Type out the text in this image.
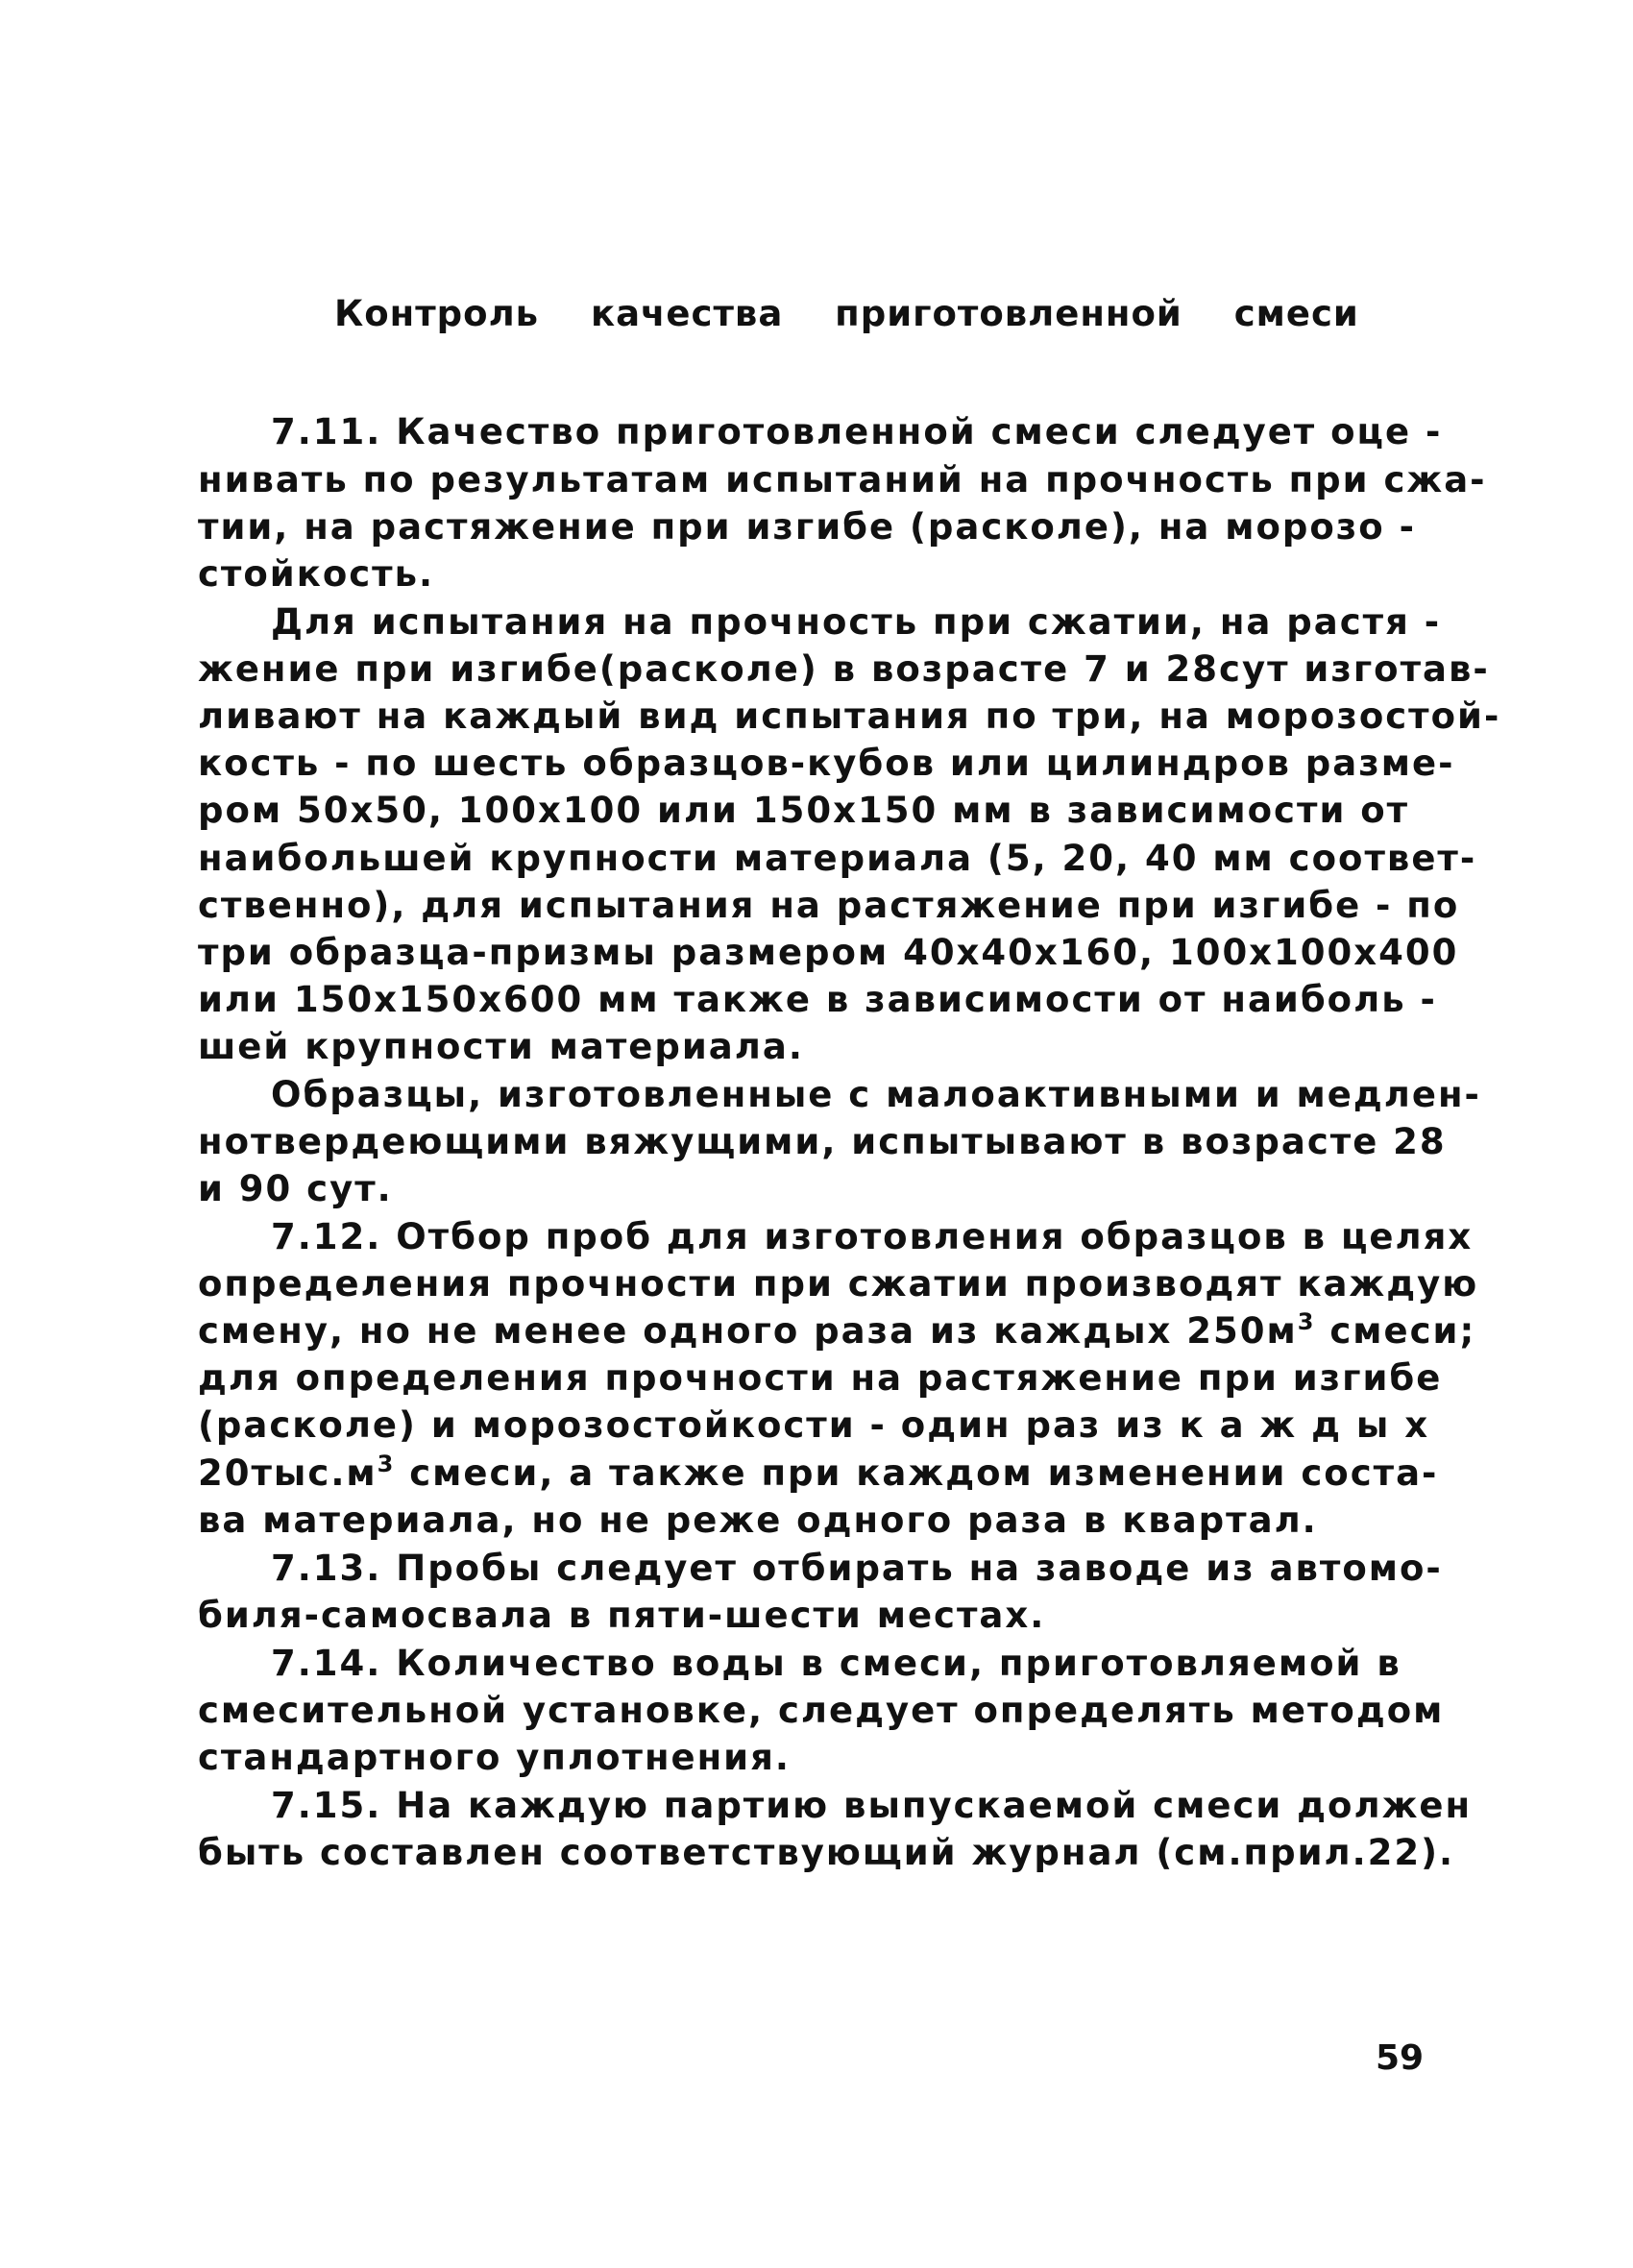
Контроль качества приготовленной смеси
7.11. Качество приготовленной смеси следует оце -
нивать по результатам испытаний на прочность при сжа-
тии, на растяжение при изгибе (расколе), на морозо -
стойкость.
Для испытания на прочность при сжатии, на растя -
жение при изгибе(расколе) в возрасте 7 и 28сут изготав-
ливают на каждый вид испытания по три, на морозостой-
кость - по шесть образцов-кубов или цилиндров разме-
ром 50x50, 100x100 или 150x150 мм в зависимости от
наибольшей крупности материала (5, 20, 40 мм соответ-
ственно), для испытания на растяжение при изгибе - по
три образца-призмы размером 40x40x160, 100x100x400
или 150x150x600 мм также в зависимости от наиболь -
шей крупности материала.
Образцы, изготовленные с малоактивными и медлен-
нотвердеющими вяжущими, испытывают в возрасте 28
и 90 сут.
7.12. Отбор проб для изготовления образцов в целях
определения прочности при сжатии производят каждую
смену, но не менее одного раза из каждых $250м^3$ смеси;
для определения прочности на растяжение при изгибе
(расколе) и морозостойкости - один раз из к а ж д ы х
$20тыс.м^3$ смеси, а также при каждом изменении соста-
ва материала, но не реже одного раза в квартал.
7.13. Пробы следует отбирать на заводе из автомо-
биля-самосвала в пяти-шести местах.
7.14. Количество воды в смеси, приготовляемой в
смесительной установке, следует определять методом
стандартного уплотнения.
7.15. На каждую партию выпускаемой смеси должен
быть составлен соответствующий журнал (см.прил.22).
59
